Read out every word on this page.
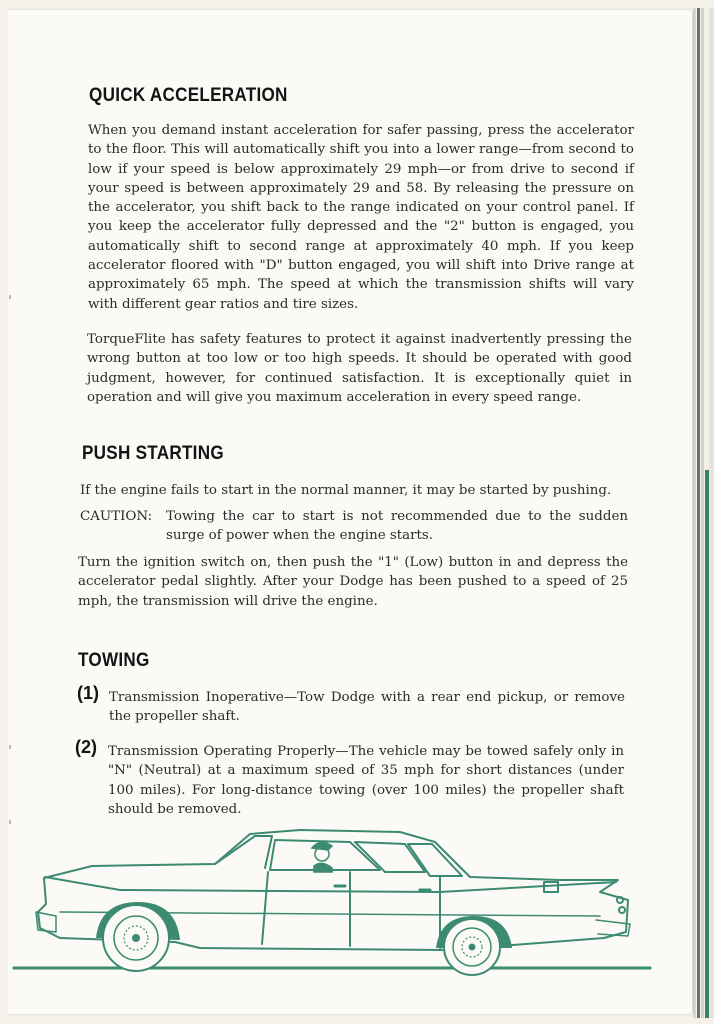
QUICK ACCELERATION

When you demand instant acceleration for safer passing, press the accelerator to the floor. This will automatically shift you into a lower range—from second to low if your speed is below approximately 29 mph—or from drive to second if your speed is between approximately 29 and 58. By releasing the pressure on the accelerator, you shift back to the range indicated on your control panel. If you keep the accelerator fully depressed and the "2" button is engaged, you automatically shift to second range at approximately 40 mph. If you keep accelerator floored with "D" button engaged, you will shift into Drive range at approximately 65 mph. The speed at which the transmission shifts will vary with different gear ratios and tire sizes.

TorqueFlite has safety features to protect it against inadvertently pressing the wrong button at too low or too high speeds. It should be operated with good judgment, however, for continued satisfaction. It is exceptionally quiet in operation and will give you maximum acceleration in every speed range.

PUSH STARTING

If the engine fails to start in the normal manner, it may be started by pushing.

CAUTION: Towing the car to start is not recommended due to the sudden surge of power when the engine starts.

Turn the ignition switch on, then push the "1" (Low) button in and depress the accelerator pedal slightly. After your Dodge has been pushed to a speed of 25 mph, the transmission will drive the engine.

TOWING
(1) Transmission Inoperative—Tow Dodge with a rear end pickup, or remove the propeller shaft.

(2) Transmission Operating Properly—The vehicle may be towed safely only in "N" (Neutral) at a maximum speed of 35 mph for short distances (under 100 miles). For long-distance towing (over 100 miles) the propeller shaft should be removed.
